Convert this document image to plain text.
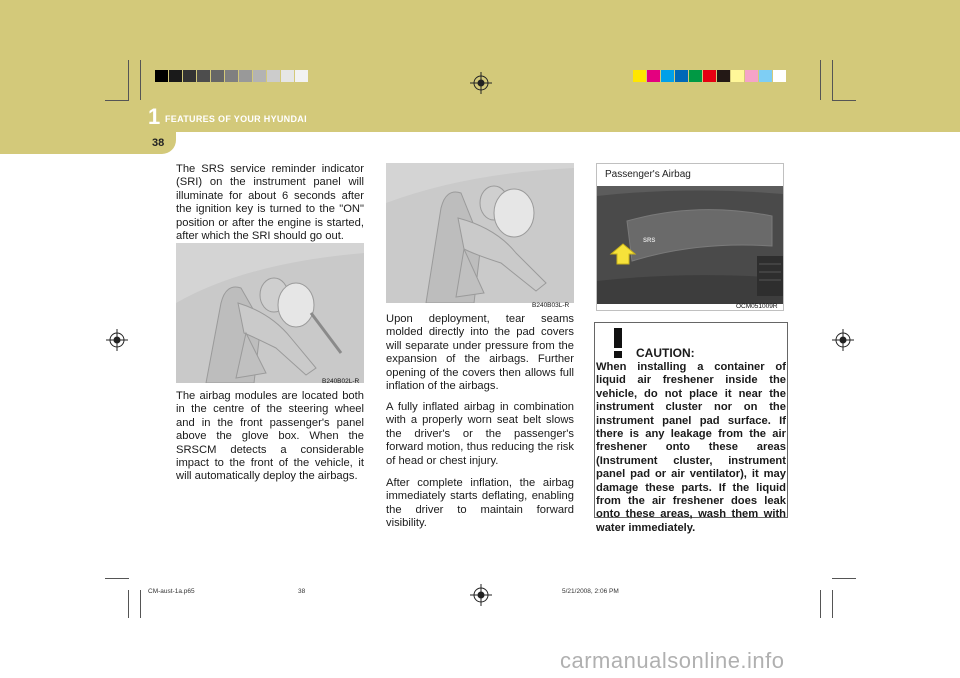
1 FEATURES OF YOUR HYUNDAI
38
The SRS service reminder indicator (SRI) on the instrument panel will illuminate for about 6 seconds after the ignition key is turned to the "ON" position or after the engine is started, after which the SRI should go out.
B240B02L-R
The airbag modules are located both in the centre of the steering wheel and in the front passenger's panel above the glove box. When the SRSCM detects a considerable impact to the front of the vehicle, it will automatically deploy the airbags.
B240B03L-R
Upon deployment, tear seams molded directly into the pad covers will separate under pressure from the expansion of the airbags. Further opening of the covers then allows full inflation of the airbags.
A fully inflated airbag in combination with a properly worn seat belt slows the driver's or the passenger's forward motion, thus reducing the risk of head or chest injury.
After complete inflation, the airbag immediately starts deflating, enabling the driver to maintain forward visibility.
Passenger's Airbag
SRS
OCM051009R
CAUTION:
When installing a container of liquid air freshener inside the vehicle, do not place it near the instrument cluster nor on the instrument panel pad surface. If there is any leakage from the air freshener onto these areas (Instrument cluster, instrument panel pad or air ventilator), it may damage these parts. If the liquid from the air freshener does leak onto these areas, wash them with water immediately.
CM-aust-1a.p65	38	5/21/2008, 2:06 PM
carmanualsonline.info
